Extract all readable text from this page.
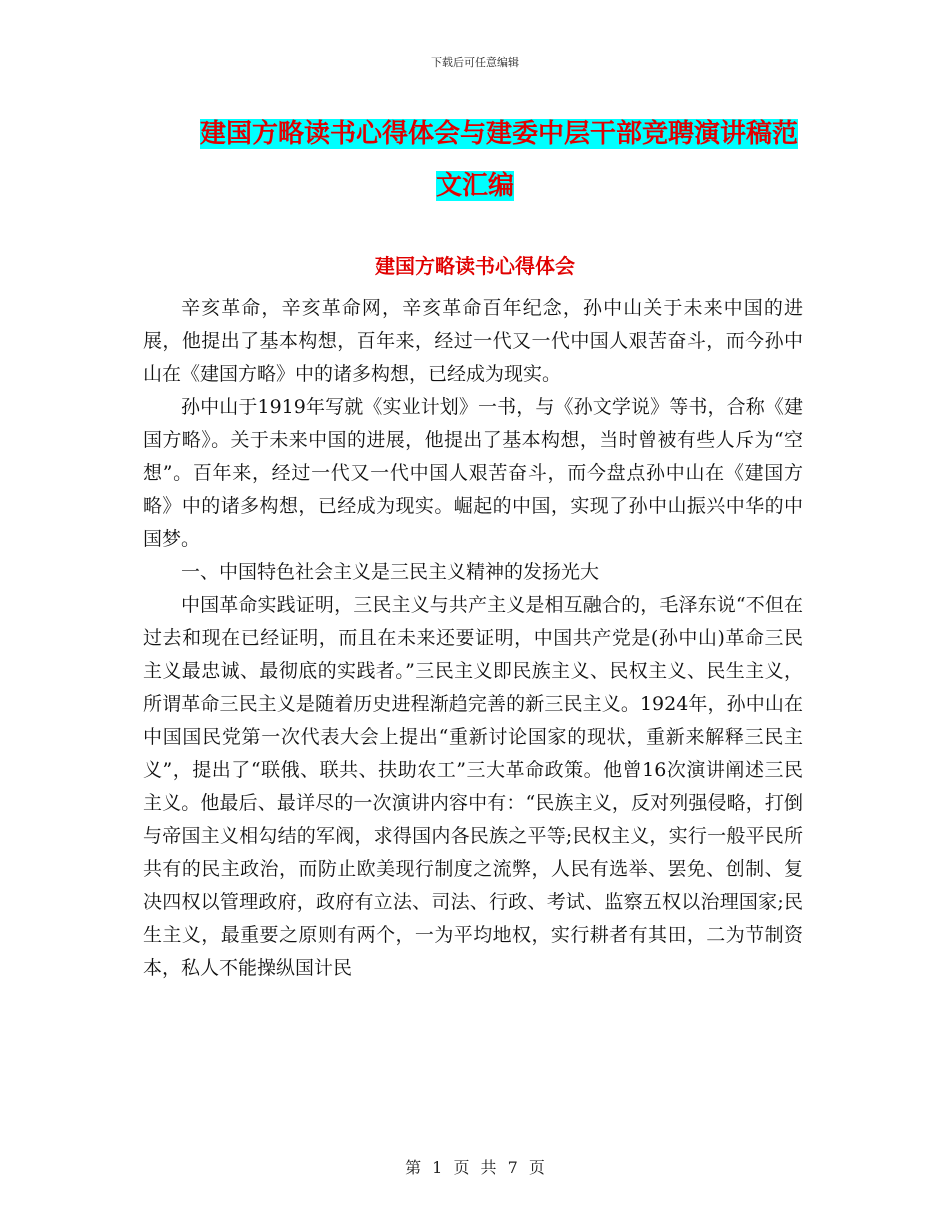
下载后可任意编辑
建国方略读书心得体会与建委中层干部竞聘演讲稿范
文汇编
建国方略读书心得体会

辛亥革命，辛亥革命网，辛亥革命百年纪念，孙中山关于未来中国的进展，他提出了基本构想，百年来，经过一代又一代中国人艰苦奋斗，而今孙中山在《建国方略》中的诸多构想，已经成为现实。

孙中山于1919年写就《实业计划》一书，与《孙文学说》等书，合称《建国方略》。关于未来中国的进展，他提出了基本构想，当时曾被有些人斥为“空想”。百年来，经过一代又一代中国人艰苦奋斗，而今盘点孙中山在《建国方略》中的诸多构想，已经成为现实。崛起的中国，实现了孙中山振兴中华的中国梦。

一、中国特色社会主义是三民主义精神的发扬光大

中国革命实践证明，三民主义与共产主义是相互融合的，毛泽东说“不但在过去和现在已经证明，而且在未来还要证明，中国共产党是(孙中山)革命三民主义最忠诚、最彻底的实践者。”三民主义即民族主义、民权主义、民生主义，所谓革命三民主义是随着历史进程渐趋完善的新三民主义。1924年，孙中山在中国国民党第一次代表大会上提出“重新讨论国家的现状，重新来解释三民主义”，提出了“联俄、联共、扶助农工”三大革命政策。他曾16次演讲阐述三民主义。他最后、最详尽的一次演讲内容中有：“民族主义，反对列强侵略，打倒与帝国主义相勾结的军阀，求得国内各民族之平等;民权主义，实行一般平民所共有的民主政治，而防止欧美现行制度之流弊，人民有选举、罢免、创制、复决四权以管理政府，政府有立法、司法、行政、考试、监察五权以治理国家;民生主义，最重要之原则有两个，一为平均地权，实行耕者有其田，二为节制资本，私人不能操纵国计民

第 1 页 共 7 页
